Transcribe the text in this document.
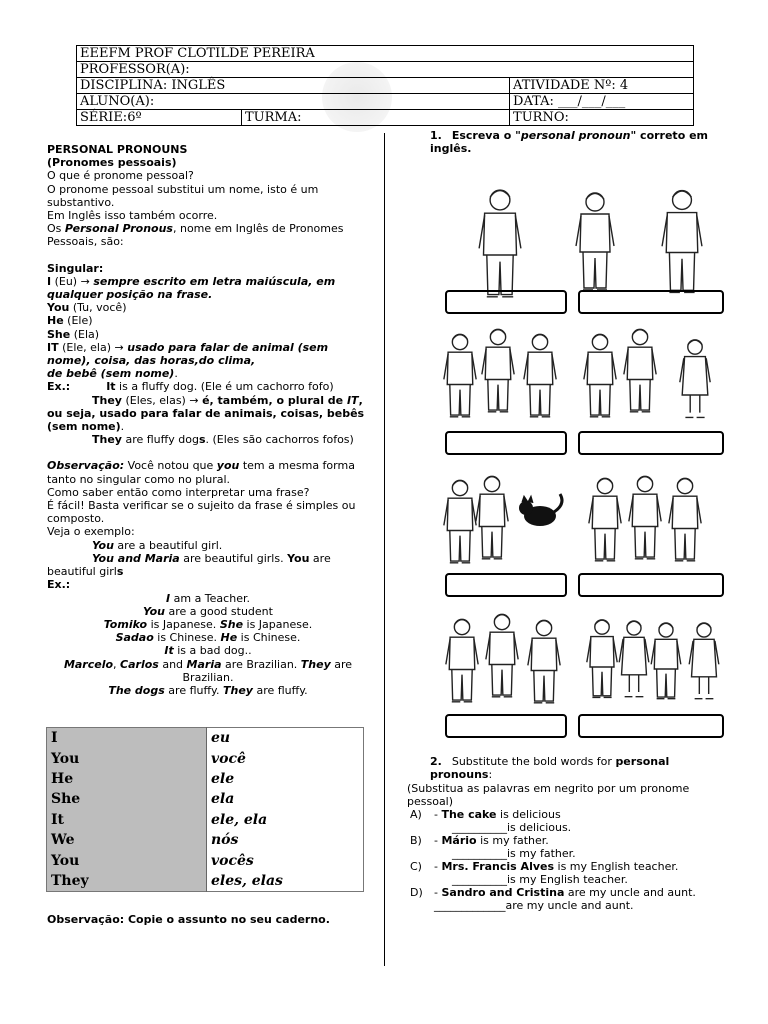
EEEFM PROF CLOTILDE PEREIRA		
PROFESSOR(A):		
DISCIPLINA: INGLÊS		ATIVIDADE Nº: 4
ALUNO(A):		DATA: ___/___/___
SÉRIE:6º	TURMA:	TURNO:

PERSONAL PRONOUNS

(Pronomes pessoais)

O que é pronome pessoal?

O pronome pessoal substitui um nome, isto é um substantivo.

Em Inglês isso também ocorre.

Os Personal Pronous, nome em Inglês de Pronomes Pessoais, são:

Singular:

I (Eu) → sempre escrito em letra maiúscula, em qualquer posição na frase.

You (Tu, você)

He (Ele)

She (Ela)

IT (Ele, ela) → usado para falar de animal (sem nome), coisa, das horas,do clima,
de bebê (sem nome).

Ex.:	It is a fluffy dog. (Ele é um cachorro fofo)

They (Eles, elas) → é, também, o plural de IT, ou seja, usado para falar de animais, coisas, bebês (sem nome).

They are fluffy dogs. (Eles são cachorros fofos)

Observação: Você notou que you tem a mesma forma tanto no singular como no plural.

Como saber então como interpretar uma frase?

É fácil! Basta verificar se o sujeito da frase é simples ou composto.

Veja o exemplo:

You are a beautiful girl.

You and Maria are beautiful girls. You are beautiful girls

Ex.:

I am a Teacher.

You are a good student

Tomiko is Japanese. She is Japanese.

Sadao is Chinese. He is Chinese.

It is a bad dog..

Marcelo, Carlos and Maria are Brazilian. They are Brazilian.

The dogs are fluffy. They are fluffy.

I	eu
You	você
He	ele
She	ela
It	ele, ela
We	nós
You	vocês
They	eles, elas
Observação: Copie o assunto no seu caderno.
1. Escreva o "personal pronoun" correto em inglês.
2. Substitute the bold words for personal pronouns:
(Substitua as palavras em negrito por um pronome pessoal)
A) - The cake is delicious
__________is delicious.
B) - Mário is my father.
__________is my father.
C) - Mrs. Francis Alves is my English teacher.
__________is my English teacher.
D) - Sandro and Cristina are my uncle and aunt.
_____________are my uncle and aunt.
